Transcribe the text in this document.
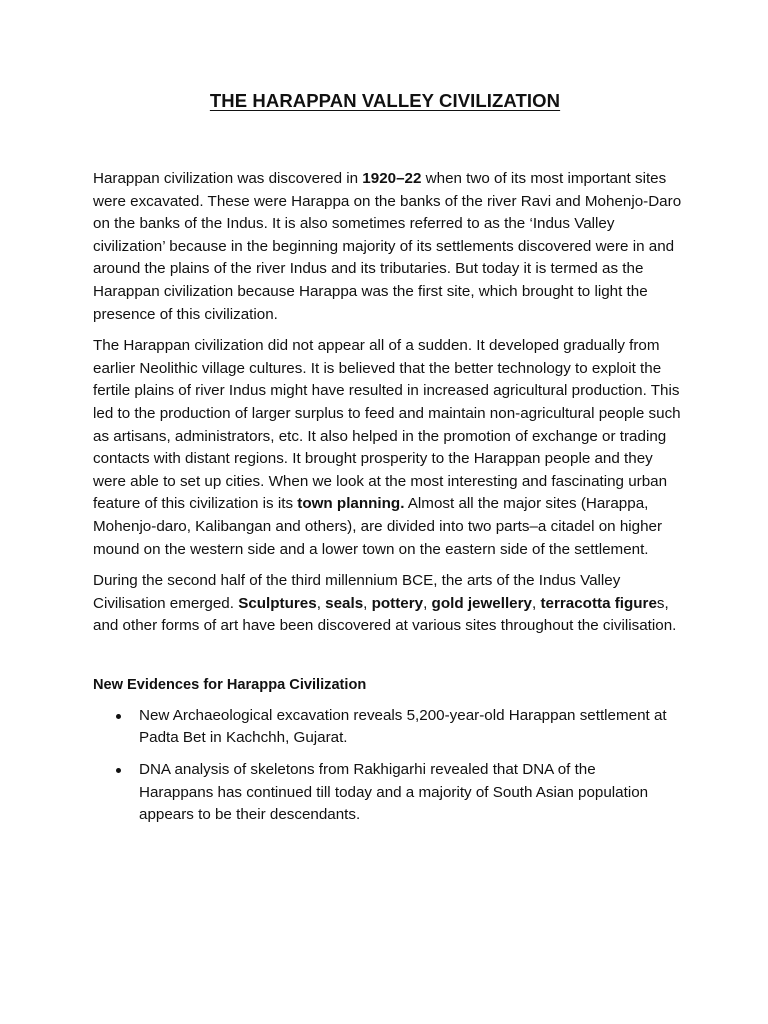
THE HARAPPAN VALLEY CIVILIZATION

Harappan civilization was discovered in 1920–22 when two of its most important sites were excavated. These were Harappa on the banks of the river Ravi and Mohenjo-Daro on the banks of the Indus. It is also sometimes referred to as the ‘Indus Valley civilization’ because in the beginning majority of its settlements discovered were in and around the plains of the river Indus and its tributaries. But today it is termed as the Harappan civilization because Harappa was the first site, which brought to light the presence of this civilization.

The Harappan civilization did not appear all of a sudden. It developed gradually from earlier Neolithic village cultures. It is believed that the better technology to exploit the fertile plains of river Indus might have resulted in increased agricultural production. This led to the production of larger surplus to feed and maintain non-agricultural people such as artisans, administrators, etc. It also helped in the promotion of exchange or trading contacts with distant regions. It brought prosperity to the Harappan people and they were able to set up cities. When we look at the most interesting and fascinating urban feature of this civilization is its town planning. Almost all the major sites (Harappa, Mohenjo-daro, Kalibangan and others), are divided into two parts–a citadel on higher mound on the western side and a lower town on the eastern side of the settlement.

During the second half of the third millennium BCE, the arts of the Indus Valley Civilisation emerged. Sculptures, seals, pottery, gold jewellery, terracotta figures, and other forms of art have been discovered at various sites throughout the civilisation.

New Evidences for Harappa Civilization
New Archaeological excavation reveals 5,200-year-old Harappan settlement at Padta Bet in Kachchh, Gujarat.
DNA analysis of skeletons from Rakhigarhi revealed that DNA of the Harappans has continued till today and a majority of South Asian population appears to be their descendants.
